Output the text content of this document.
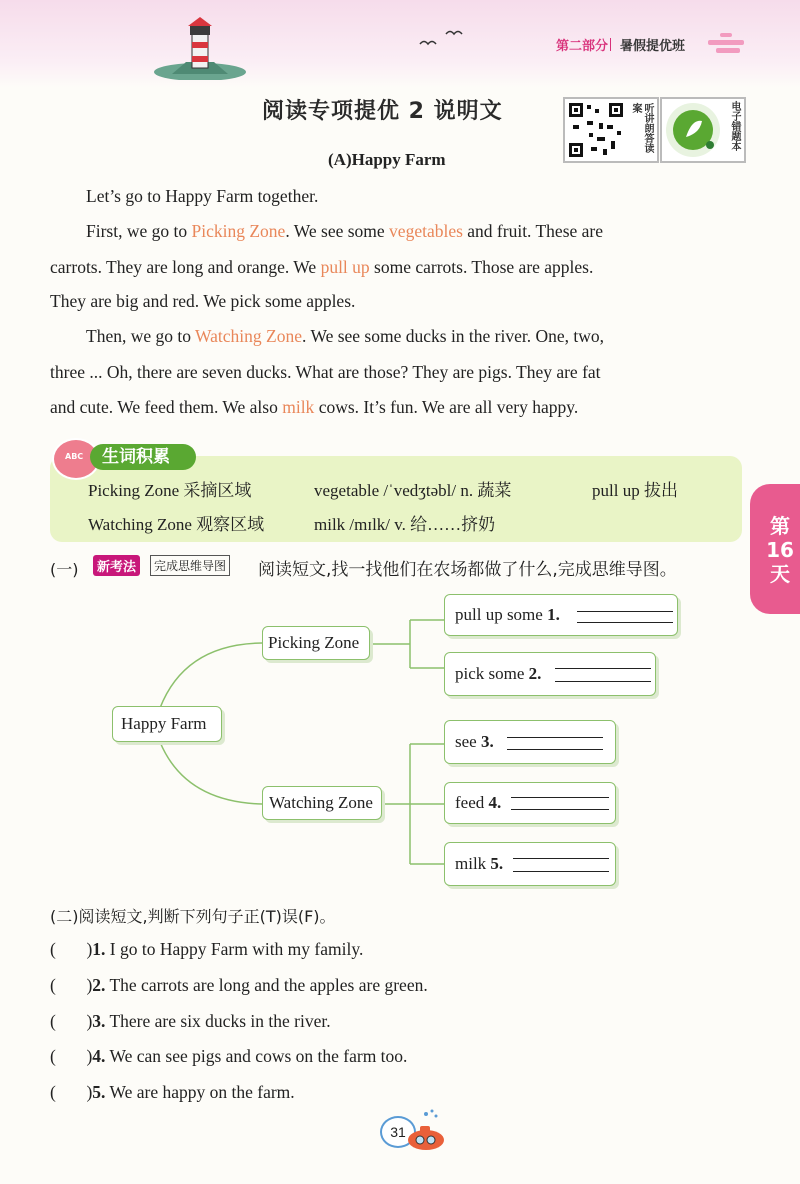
第二部分 暑假提优班
阅读专项提优 2 说明文	听讲朗答读案	电子错题本
(A)Happy Farm
Let’s go to Happy Farm together.
First, we go to Picking Zone. We see some vegetables and fruit. These are
carrots. They are long and orange. We pull up some carrots. Those are apples.
They are big and red. We pick some apples.
Then, we go to Watching Zone. We see some ducks in the river. One, two,
three ... Oh, there are seven ducks. What are those? They are pigs. They are fat
and cute. We feed them. We also milk cows. It’s fun. We are all very happy.
ABC	生词积累
Picking Zone 采摘区域	vegetable /ˈvedʒtəbl/ n. 蔬菜	pull up 拔出
Watching Zone 观察区域	milk /mɪlk/ v. 给……挤奶	第
16
天
(一)	新考法	完成思维导图 阅读短文,找一找他们在农场都做了什么,完成思维导图。
Happy Farm
Picking Zone
Watching Zone
pull up some 1.
pick some 2.
see 3.
feed 4.
milk 5.
(二)阅读短文,判断下列句子正(T)误(F)。
(       )1. I go to Happy Farm with my family.
(       )2. The carrots are long and the apples are green.
(       )3. There are six ducks in the river.
(       )4. We can see pigs and cows on the farm too.
(       )5. We are happy on the farm.
31
